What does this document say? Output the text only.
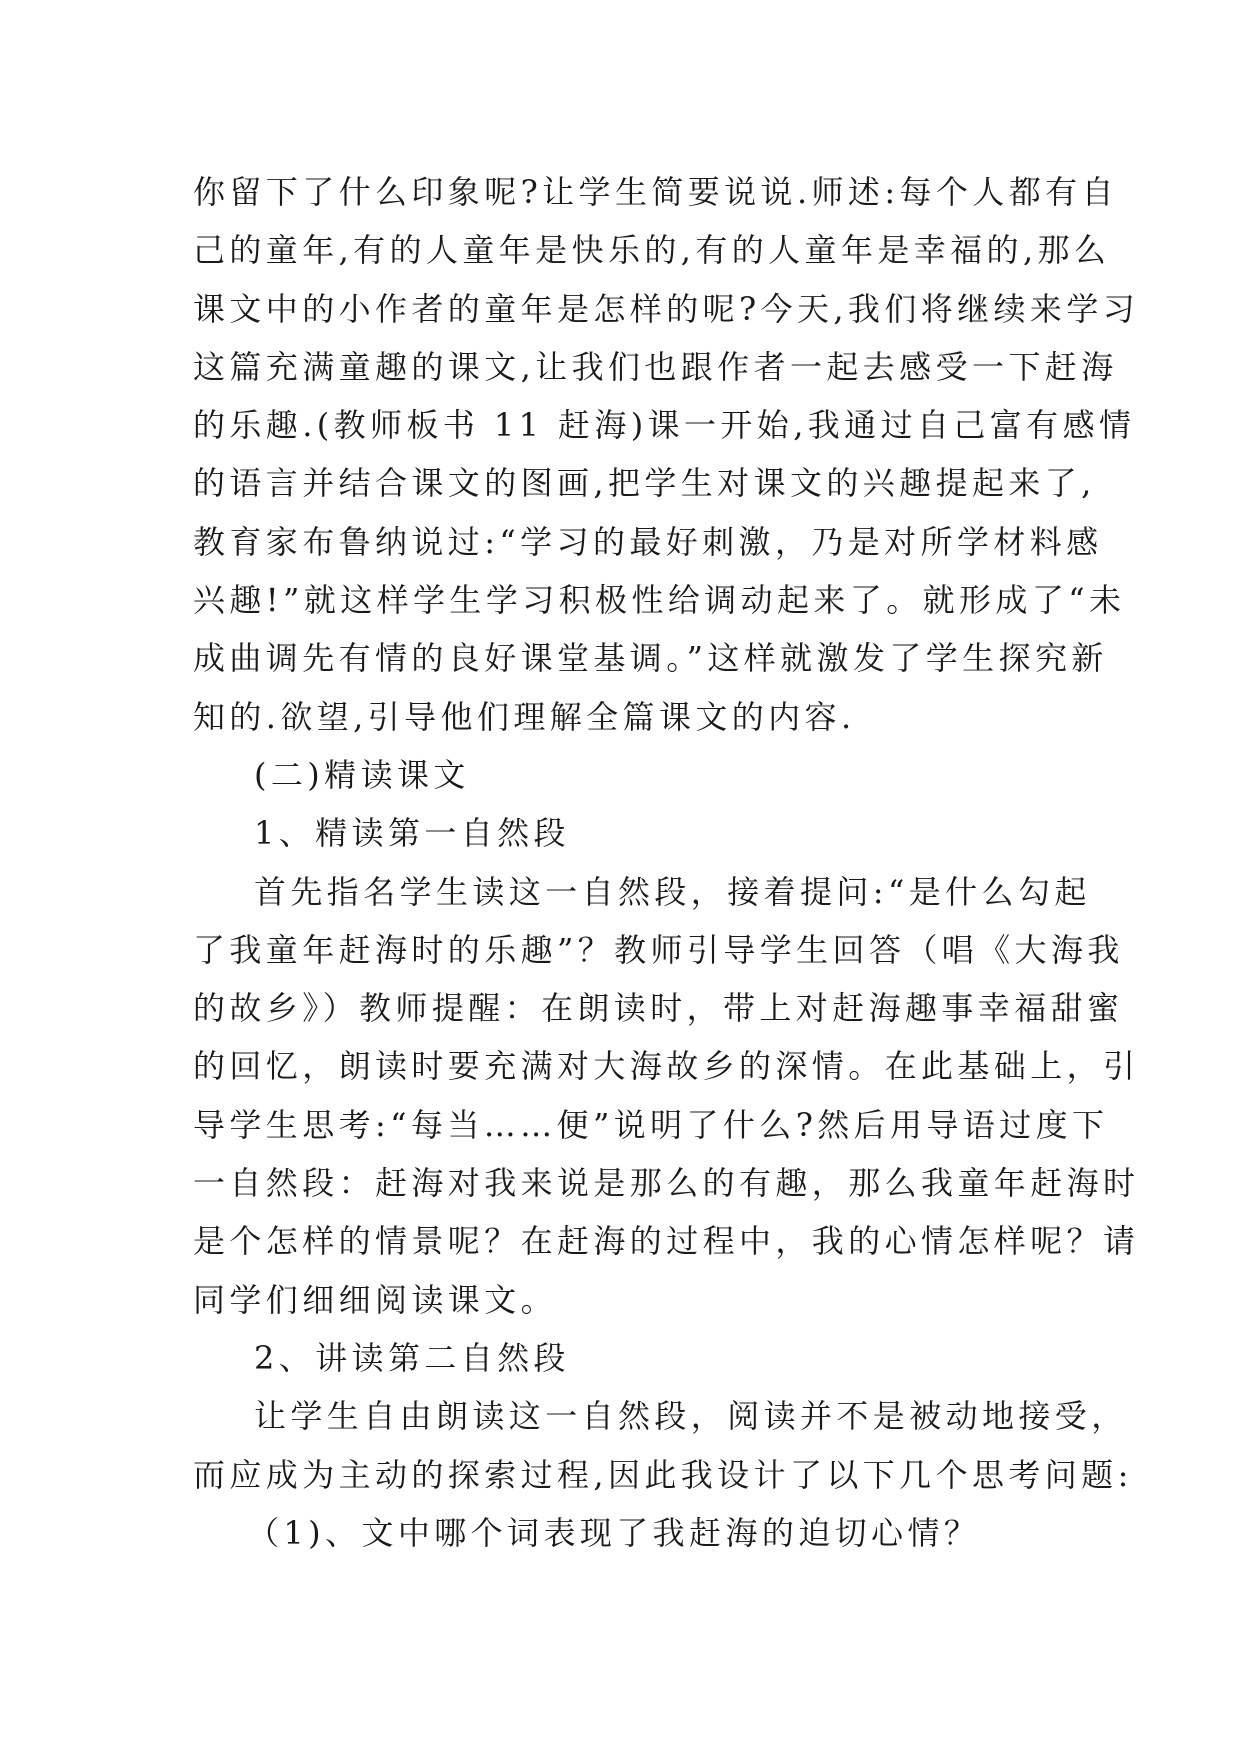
你留下了什么印象呢?让学生简要说说.师述:每个人都有自
己的童年,有的人童年是快乐的,有的人童年是幸福的,那么
课文中的小作者的童年是怎样的呢?今天,我们将继续来学习
这篇充满童趣的课文,让我们也跟作者一起去感受一下赶海
的乐趣.(教师板书 11 赶海)课一开始,我通过自己富有感情
的语言并结合课文的图画,把学生对课文的兴趣提起来了,
教育家布鲁纳说过:“学习的最好刺激，乃是对所学材料感
兴趣!”就这样学生学习积极性给调动起来了。就形成了“未
成曲调先有情的良好课堂基调。”这样就激发了学生探究新
知的.欲望,引导他们理解全篇课文的内容.
(二)精读课文
1、精读第一自然段
首先指名学生读这一自然段，接着提问:“是什么勾起
了我童年赶海时的乐趣”？教师引导学生回答（唱《大海我
的故乡》）教师提醒：在朗读时，带上对赶海趣事幸福甜蜜
的回忆，朗读时要充满对大海故乡的深情。在此基础上，引
导学生思考:“每当……便”说明了什么?然后用导语过度下
一自然段：赶海对我来说是那么的有趣，那么我童年赶海时
是个怎样的情景呢？在赶海的过程中，我的心情怎样呢？请
同学们细细阅读课文。
2、讲读第二自然段
让学生自由朗读这一自然段，阅读并不是被动地接受，
而应成为主动的探索过程,因此我设计了以下几个思考问题:
（1)、文中哪个词表现了我赶海的迫切心情？
